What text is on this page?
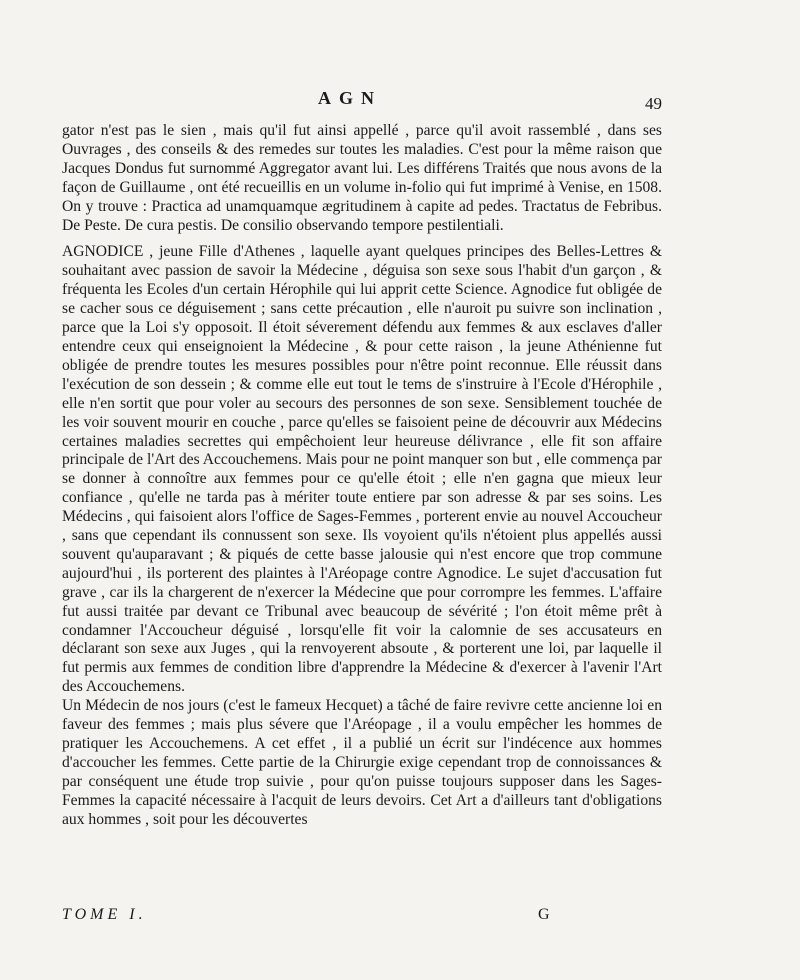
AGN	49

gator n'est pas le sien , mais qu'il fut ainsi appellé , parce qu'il avoit rassemblé , dans ses Ouvrages , des conseils & des remedes sur toutes les maladies. C'est pour la même raison que Jacques Dondus fut surnommé Aggregator avant lui. Les différens Traités que nous avons de la façon de Guillaume , ont été recueillis en un volume in-folio qui fut imprimé à Venise, en 1508. On y trouve : Practica ad unamquamque ægritudinem à capite ad pedes. Tractatus de Febribus. De Peste. De cura pestis. De consilio observando tempore pestilentiali.

AGNODICE , jeune Fille d'Athenes , laquelle ayant quelques principes des Belles-Lettres & souhaitant avec passion de savoir la Médecine , déguisa son sexe sous l'habit d'un garçon , & fréquenta les Ecoles d'un certain Hérophile qui lui apprit cette Science. Agnodice fut obligée de se cacher sous ce déguisement ; sans cette précaution , elle n'auroit pu suivre son inclination , parce que la Loi s'y opposoit. Il étoit séverement défendu aux femmes & aux esclaves d'aller entendre ceux qui enseignoient la Médecine , & pour cette raison , la jeune Athénienne fut obligée de prendre toutes les mesures possibles pour n'être point reconnue. Elle réussit dans l'exécution de son dessein ; & comme elle eut tout le tems de s'instruire à l'Ecole d'Hérophile , elle n'en sortit que pour voler au secours des personnes de son sexe. Sensiblement touchée de les voir souvent mourir en couche , parce qu'elles se faisoient peine de découvrir aux Médecins certaines maladies secrettes qui empêchoient leur heureuse délivrance , elle fit son affaire principale de l'Art des Accouchemens. Mais pour ne point manquer son but , elle commença par se donner à connoître aux femmes pour ce qu'elle étoit ; elle n'en gagna que mieux leur confiance , qu'elle ne tarda pas à mériter toute entiere par son adresse & par ses soins. Les Médecins , qui faisoient alors l'office de Sages-Femmes , porterent envie au nouvel Accoucheur , sans que cependant ils connussent son sexe. Ils voyoient qu'ils n'étoient plus appellés aussi souvent qu'auparavant ; & piqués de cette basse jalousie qui n'est encore que trop commune aujourd'hui , ils porterent des plaintes à l'Aréopage contre Agnodice. Le sujet d'accusation fut grave , car ils la chargerent de n'exercer la Médecine que pour corrompre les femmes. L'affaire fut aussi traitée par devant ce Tribunal avec beaucoup de sévérité ; l'on étoit même prêt à condamner l'Accoucheur déguisé , lorsqu'elle fit voir la calomnie de ses accusateurs en déclarant son sexe aux Juges , qui la renvoyerent absoute , & porterent une loi, par laquelle il fut permis aux femmes de condition libre d'apprendre la Médecine & d'exercer à l'avenir l'Art des Accouchemens.

Un Médecin de nos jours (c'est le fameux Hecquet) a tâché de faire revivre cette ancienne loi en faveur des femmes ; mais plus sévere que l'Aréopage , il a voulu empêcher les hommes de pratiquer les Accouchemens. A cet effet , il a publié un écrit sur l'indécence aux hommes d'accoucher les femmes. Cette partie de la Chirurgie exige cependant trop de connoissances & par conséquent une étude trop suivie , pour qu'on puisse toujours supposer dans les Sages-Femmes la capacité nécessaire à l'acquit de leurs devoirs. Cet Art a d'ailleurs tant d'obligations aux hommes , soit pour les découvertes

TOME I.	G
